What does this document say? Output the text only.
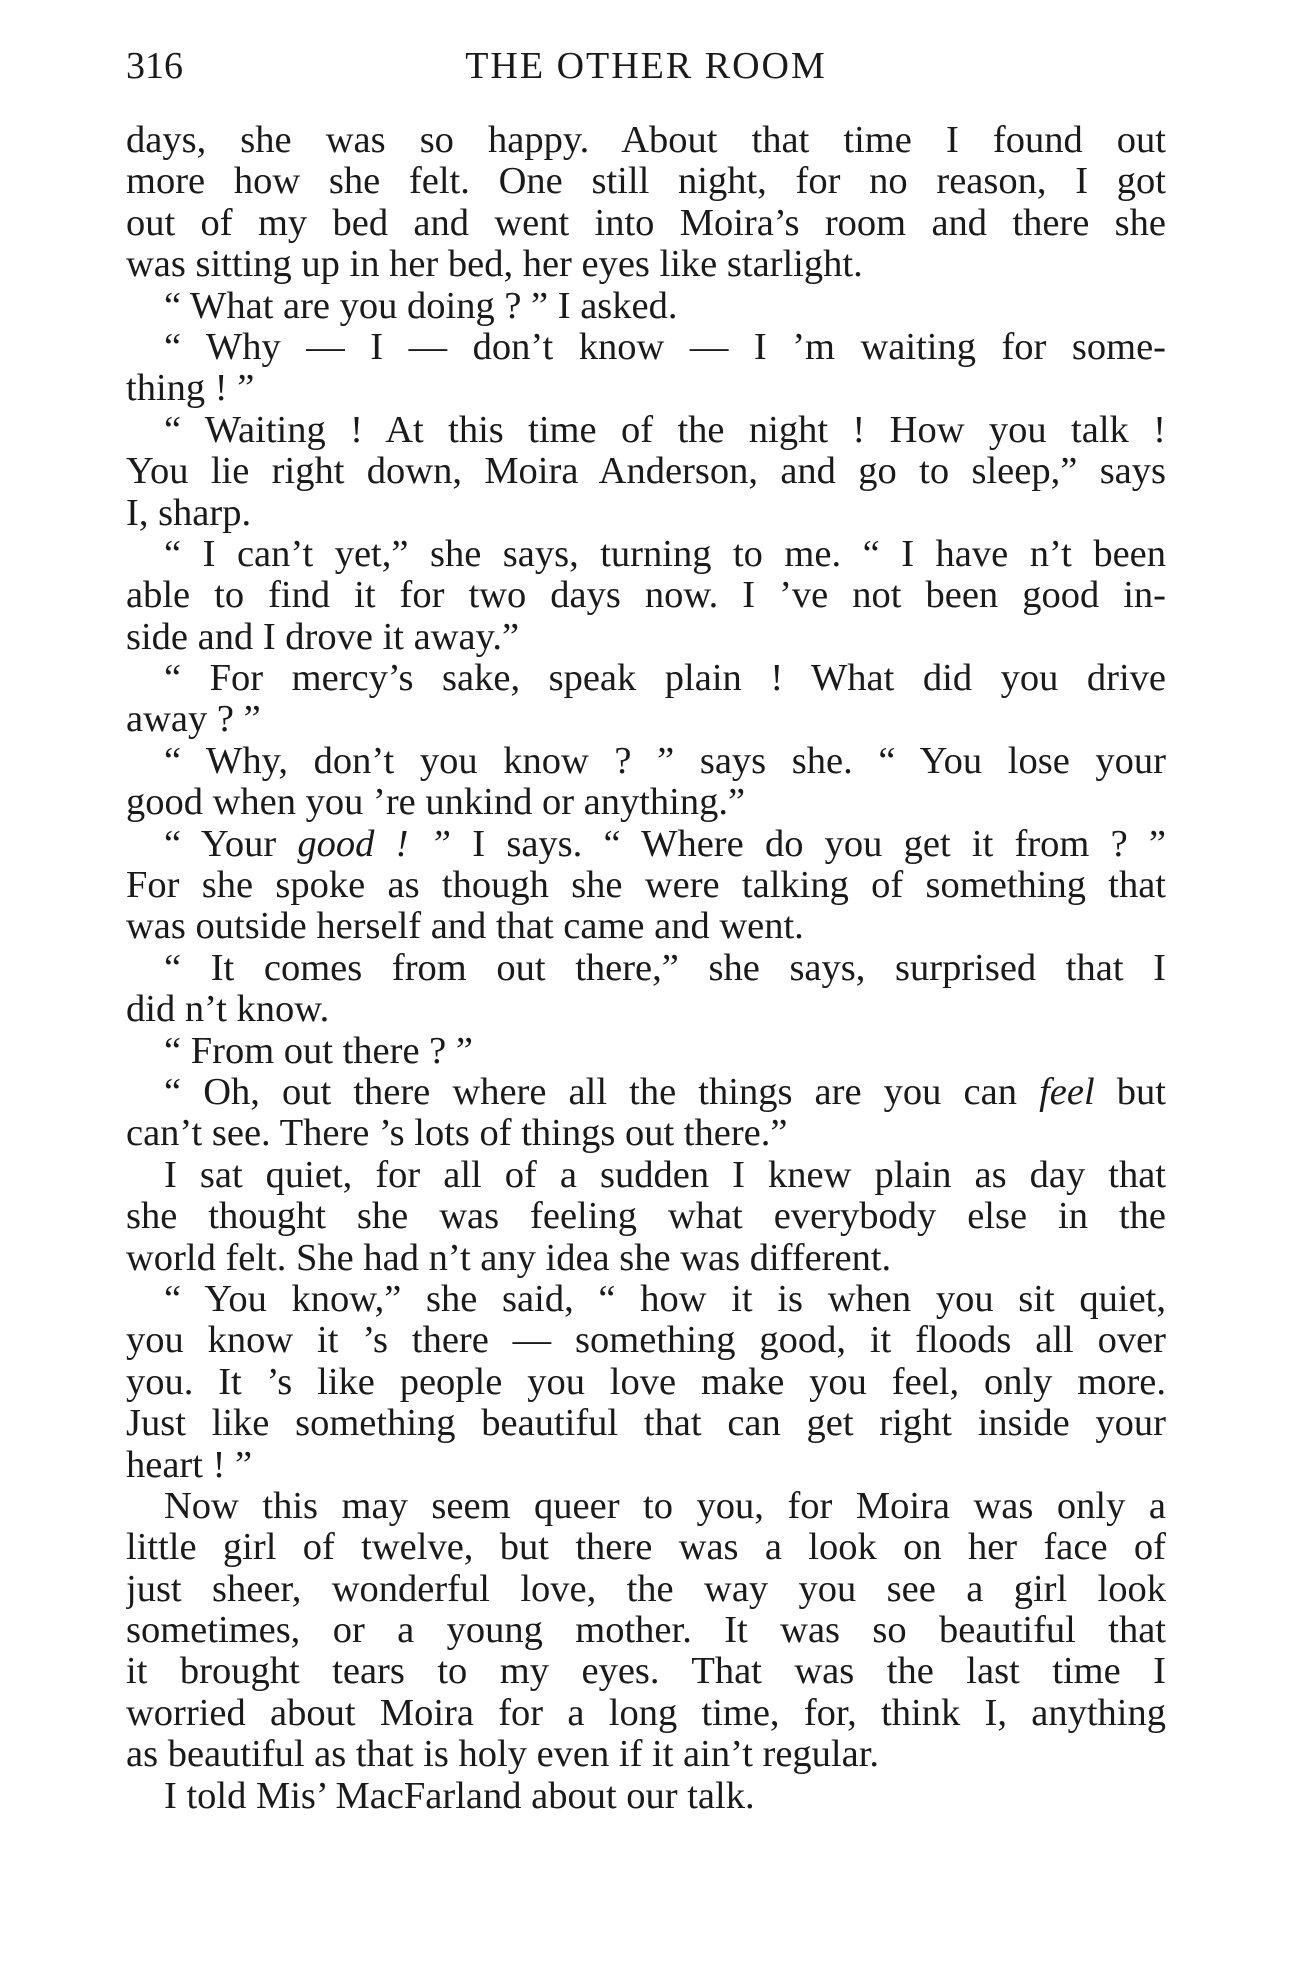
316	THE OTHER ROOM
days, she was so happy. About that time I found out
more how she felt. One still night, for no reason, I got
out of my bed and went into Moira’s room and there she
was sitting up in her bed, her eyes like starlight.
“ What are you doing ? ” I asked.
“ Why — I — don’t know — I ’m waiting for some-
thing ! ”
“ Waiting ! At this time of the night ! How you talk !
You lie right down, Moira Anderson, and go to sleep,” says
I, sharp.
“ I can’t yet,” she says, turning to me. “ I have n’t been
able to find it for two days now. I ’ve not been good in-
side and I drove it away.”
“ For mercy’s sake, speak plain ! What did you drive
away ? ”
“ Why, don’t you know ? ” says she. “ You lose your
good when you ’re unkind or anything.”
“ Your good ! ” I says. “ Where do you get it from ? ”
For she spoke as though she were talking of something that
was outside herself and that came and went.
“ It comes from out there,” she says, surprised that I
did n’t know.
“ From out there ? ”
“ Oh, out there where all the things are you can feel but
can’t see. There ’s lots of things out there.”
I sat quiet, for all of a sudden I knew plain as day that
she thought she was feeling what everybody else in the
world felt. She had n’t any idea she was different.
“ You know,” she said, “ how it is when you sit quiet,
you know it ’s there — something good, it floods all over
you. It ’s like people you love make you feel, only more.
Just like something beautiful that can get right inside your
heart ! ”
Now this may seem queer to you, for Moira was only a
little girl of twelve, but there was a look on her face of
just sheer, wonderful love, the way you see a girl look
sometimes, or a young mother. It was so beautiful that
it brought tears to my eyes. That was the last time I
worried about Moira for a long time, for, think I, anything
as beautiful as that is holy even if it ain’t regular.
I told Mis’ MacFarland about our talk.
